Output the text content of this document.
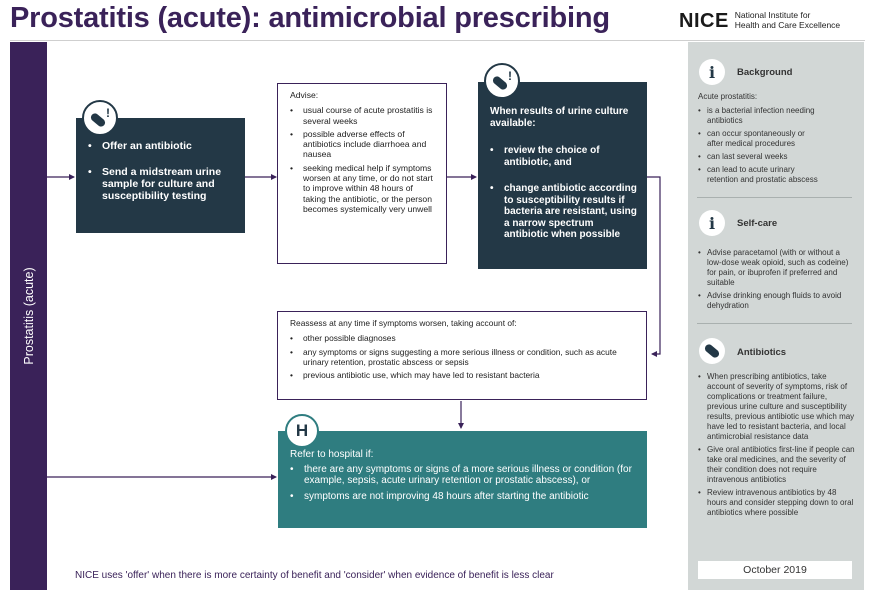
Prostatitis (acute): antimicrobial prescribing	NICE National Institute for
Health and Care Excellence
Prostatitis (acute)
• Offer an antibiotic
• Send a midstream urine sample for culture and susceptibility testing
!
Advise:
• usual course of acute prostatitis is several weeks
• possible adverse effects of antibiotics include diarrhoea and nausea
• seeking medical help if symptoms worsen at any time, or do not start to improve within 48 hours of taking the antibiotic, or the person becomes systemically very unwell
When results of urine culture available:
• review the choice of antibiotic, and
• change antibiotic according to susceptibility results if bacteria are resistant, using a narrow spectrum antibiotic when possible
!
Reassess at any time if symptoms worsen, taking account of:
• other possible diagnoses
• any symptoms or signs suggesting a more serious illness or condition, such as acute urinary retention, prostatic abscess or sepsis
• previous antibiotic use, which may have led to resistant bacteria
Refer to hospital if:
• there are any symptoms or signs of a more serious illness or condition (for example, sepsis, acute urinary retention or prostatic abscess), or
• symptoms are not improving 48 hours after starting the antibiotic
H
i Background
Acute prostatitis:
• is a bacterial infection needing antibiotics
• can occur spontaneously or after medical procedures
• can last several weeks
• can lead to acute urinary retention and prostatic abscess
i Self-care
• Advise paracetamol (with or without a low-dose weak opioid, such as codeine) for pain, or ibuprofen if preferred and suitable
• Advise drinking enough fluids to avoid dehydration
Antibiotics
• When prescribing antibiotics, take account of severity of symptoms, risk of complications or treatment failure, previous urine culture and susceptibility results, previous antibiotic use which may have led to resistant bacteria, and local antimicrobial resistance data
• Give oral antibiotics first-line if people can take oral medicines, and the severity of their condition does not require intravenous antibiotics
• Review intravenous antibiotics by 48 hours and consider stepping down to oral antibiotics where possible
October 2019
NICE uses 'offer' when there is more certainty of benefit and 'consider' when evidence of benefit is less clear
